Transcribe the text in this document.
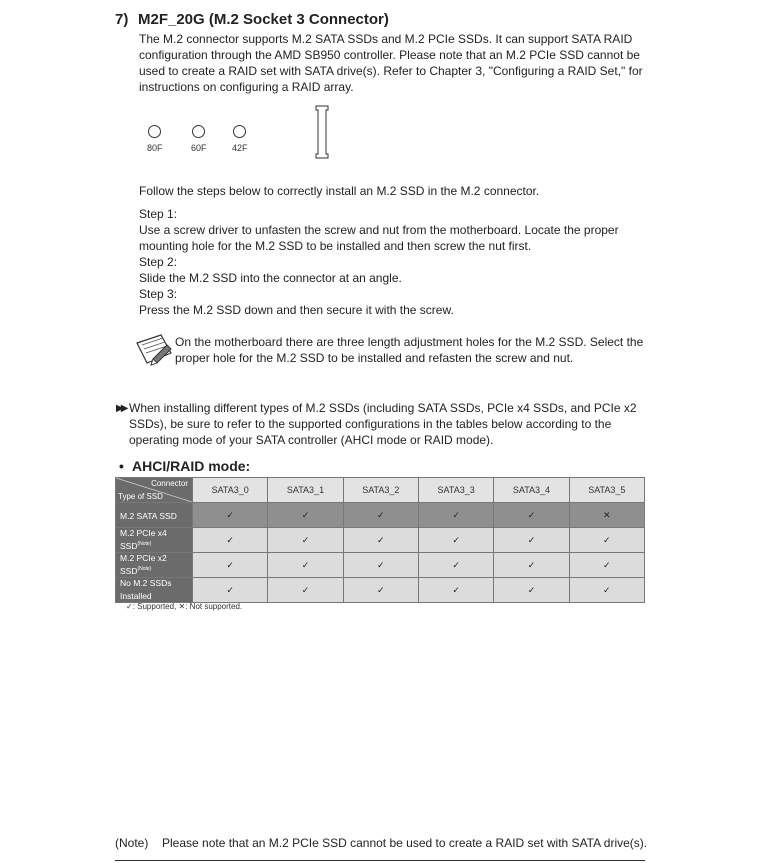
7) M2F_20G (M.2 Socket 3 Connector)
The M.2 connector supports M.2 SATA SSDs and M.2 PCIe SSDs. It can support SATA RAID configuration through the AMD SB950 controller. Please note that an M.2 PCIe SSD cannot be used to create a RAID set with SATA drive(s). Refer to Chapter 3, "Configuring a RAID Set," for instructions on configuring a RAID array.
80F	60F	42F
Follow the steps below to correctly install an M.2 SSD in the M.2 connector.
Step 1:
Use a screw driver to unfasten the screw and nut from the motherboard. Locate the proper mounting hole for the M.2 SSD to be installed and then screw the nut first.
Step 2:
Slide the M.2 SSD into the connector at an angle.
Step 3:
Press the M.2 SSD down and then secure it with the screw.
On the motherboard there are three length adjustment holes for the M.2 SSD. Select the proper hole for the M.2 SSD to be installed and refasten the screw and nut.
▶▶ When installing different types of M.2 SSDs (including SATA SSDs, PCIe x4 SSDs, and PCIe x2 SSDs), be sure to refer to the supported configurations in the tables below according to the operating mode of your SATA controller (AHCI mode or RAID mode).
• AHCI/RAID mode:
Connector
Type of SSD	SATA3_0	SATA3_1	SATA3_2	SATA3_3	SATA3_4	SATA3_5
M.2 SATA SSD	✓	✓	✓	✓	✓	✕
M.2 PCIe x4 $SSD^{(Note)}$	✓	✓	✓	✓	✓	✓
M.2 PCIe x2 $SSD^{(Note)}$	✓	✓	✓	✓	✓	✓
No M.2 SSDs Installed	✓	✓	✓	✓	✓	✓
✓: Supported, ✕: Not supported.
(Note) Please note that an M.2 PCIe SSD cannot be used to create a RAID set with SATA drive(s).
